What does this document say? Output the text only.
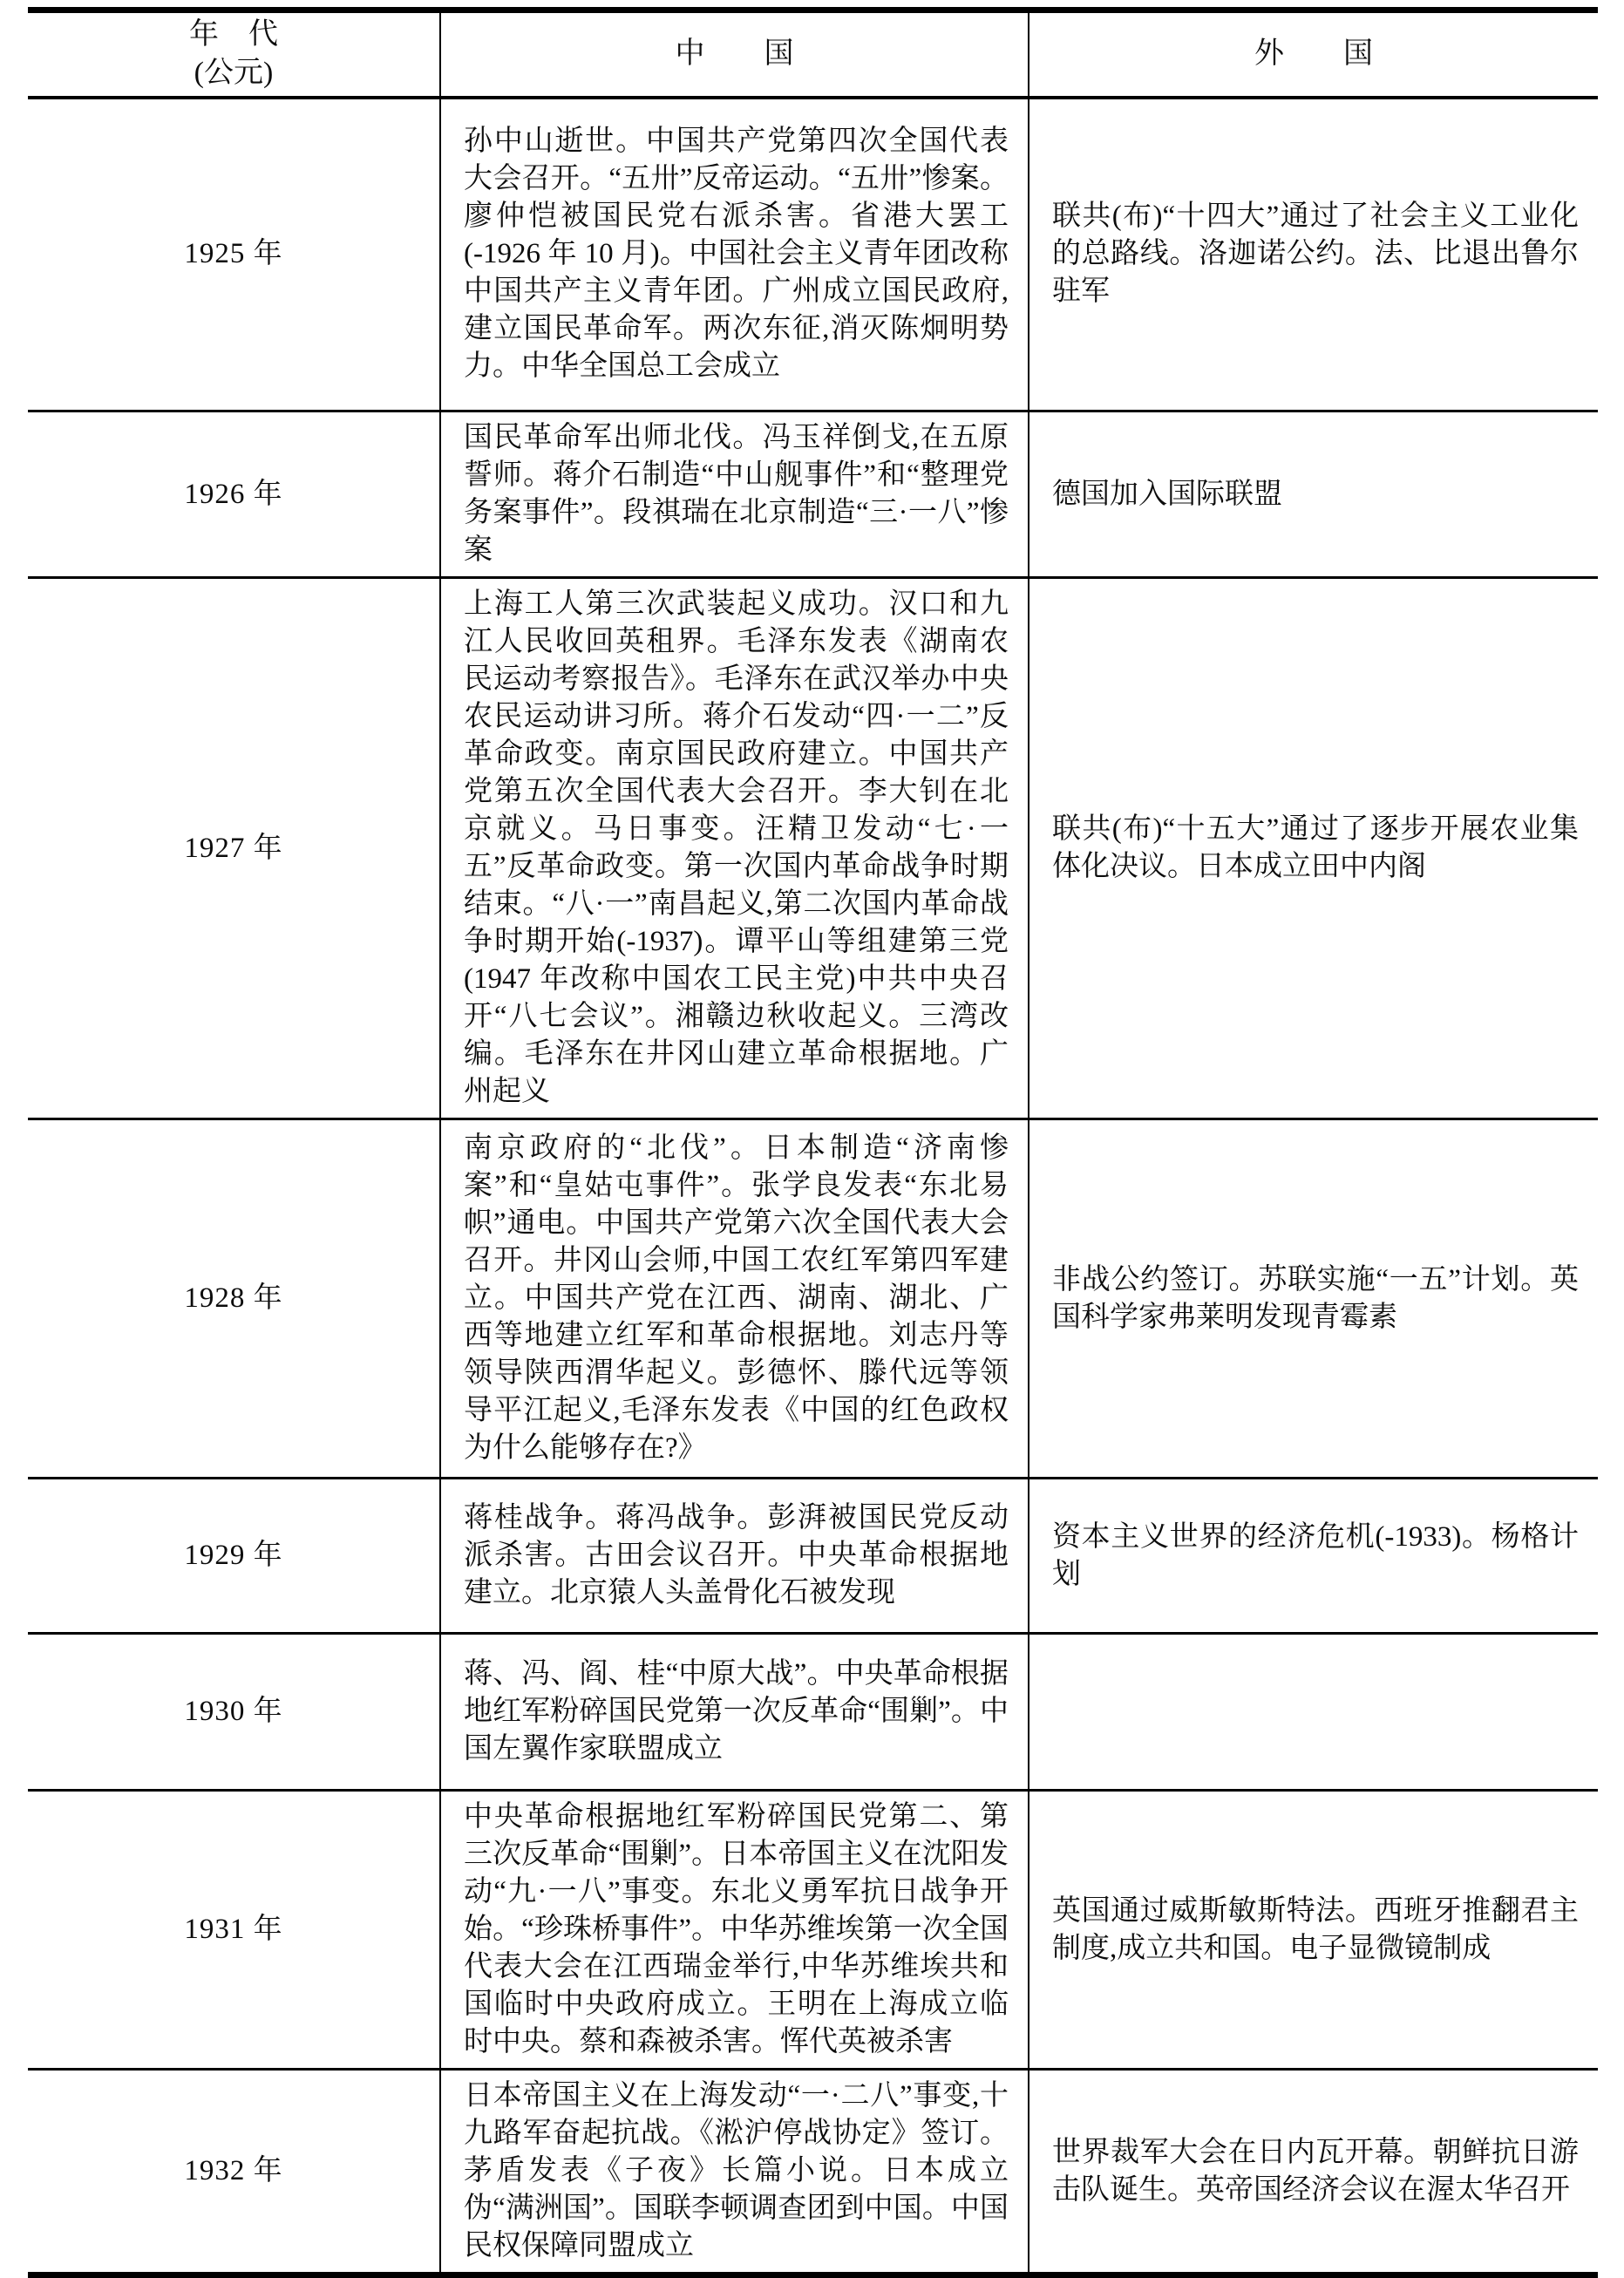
年　代
(公元)	中　　国	外　　国
1925 年	孙中山逝世。中国共产党第四次全国代表大会召开。“五卅”反帝运动。“五卅”惨案。廖仲恺被国民党右派杀害。省港大罢工(-1926 年 10 月)。中国社会主义青年团改称中国共产主义青年团。广州成立国民政府,建立国民革命军。两次东征,消灭陈炯明势力。中华全国总工会成立	联共(布)“十四大”通过了社会主义工业化的总路线。洛迦诺公约。法、比退出鲁尔驻军
1926 年	国民革命军出师北伐。冯玉祥倒戈,在五原誓师。蒋介石制造“中山舰事件”和“整理党务案事件”。段祺瑞在北京制造“三·一八”惨案	德国加入国际联盟
1927 年	上海工人第三次武装起义成功。汉口和九江人民收回英租界。毛泽东发表《湖南农民运动考察报告》。毛泽东在武汉举办中央农民运动讲习所。蒋介石发动“四·一二”反革命政变。南京国民政府建立。中国共产党第五次全国代表大会召开。李大钊在北京就义。马日事变。汪精卫发动“七·一五”反革命政变。第一次国内革命战争时期结束。“八·一”南昌起义,第二次国内革命战争时期开始(-1937)。谭平山等组建第三党(1947 年改称中国农工民主党)中共中央召开“八七会议”。湘赣边秋收起义。三湾改编。毛泽东在井冈山建立革命根据地。广州起义	联共(布)“十五大”通过了逐步开展农业集体化决议。日本成立田中内阁
1928 年	南京政府的“北伐”。日本制造“济南惨案”和“皇姑屯事件”。张学良发表“东北易帜”通电。中国共产党第六次全国代表大会召开。井冈山会师,中国工农红军第四军建立。中国共产党在江西、湖南、湖北、广西等地建立红军和革命根据地。刘志丹等领导陕西渭华起义。彭德怀、滕代远等领导平江起义,毛泽东发表《中国的红色政权为什么能够存在?》	非战公约签订。苏联实施“一五”计划。英国科学家弗莱明发现青霉素
1929 年	蒋桂战争。蒋冯战争。彭湃被国民党反动派杀害。古田会议召开。中央革命根据地建立。北京猿人头盖骨化石被发现	资本主义世界的经济危机(-1933)。杨格计划
1930 年	蒋、冯、阎、桂“中原大战”。中央革命根据地红军粉碎国民党第一次反革命“围剿”。中国左翼作家联盟成立	
1931 年	中央革命根据地红军粉碎国民党第二、第三次反革命“围剿”。日本帝国主义在沈阳发动“九·一八”事变。东北义勇军抗日战争开始。“珍珠桥事件”。中华苏维埃第一次全国代表大会在江西瑞金举行,中华苏维埃共和国临时中央政府成立。王明在上海成立临时中央。蔡和森被杀害。恽代英被杀害	英国通过威斯敏斯特法。西班牙推翻君主制度,成立共和国。电子显微镜制成
1932 年	日本帝国主义在上海发动“一·二八”事变,十九路军奋起抗战。《淞沪停战协定》签订。茅盾发表《子夜》长篇小说。日本成立伪“满洲国”。国联李顿调查团到中国。中国民权保障同盟成立	世界裁军大会在日内瓦开幕。朝鲜抗日游击队诞生。英帝国经济会议在渥太华召开
